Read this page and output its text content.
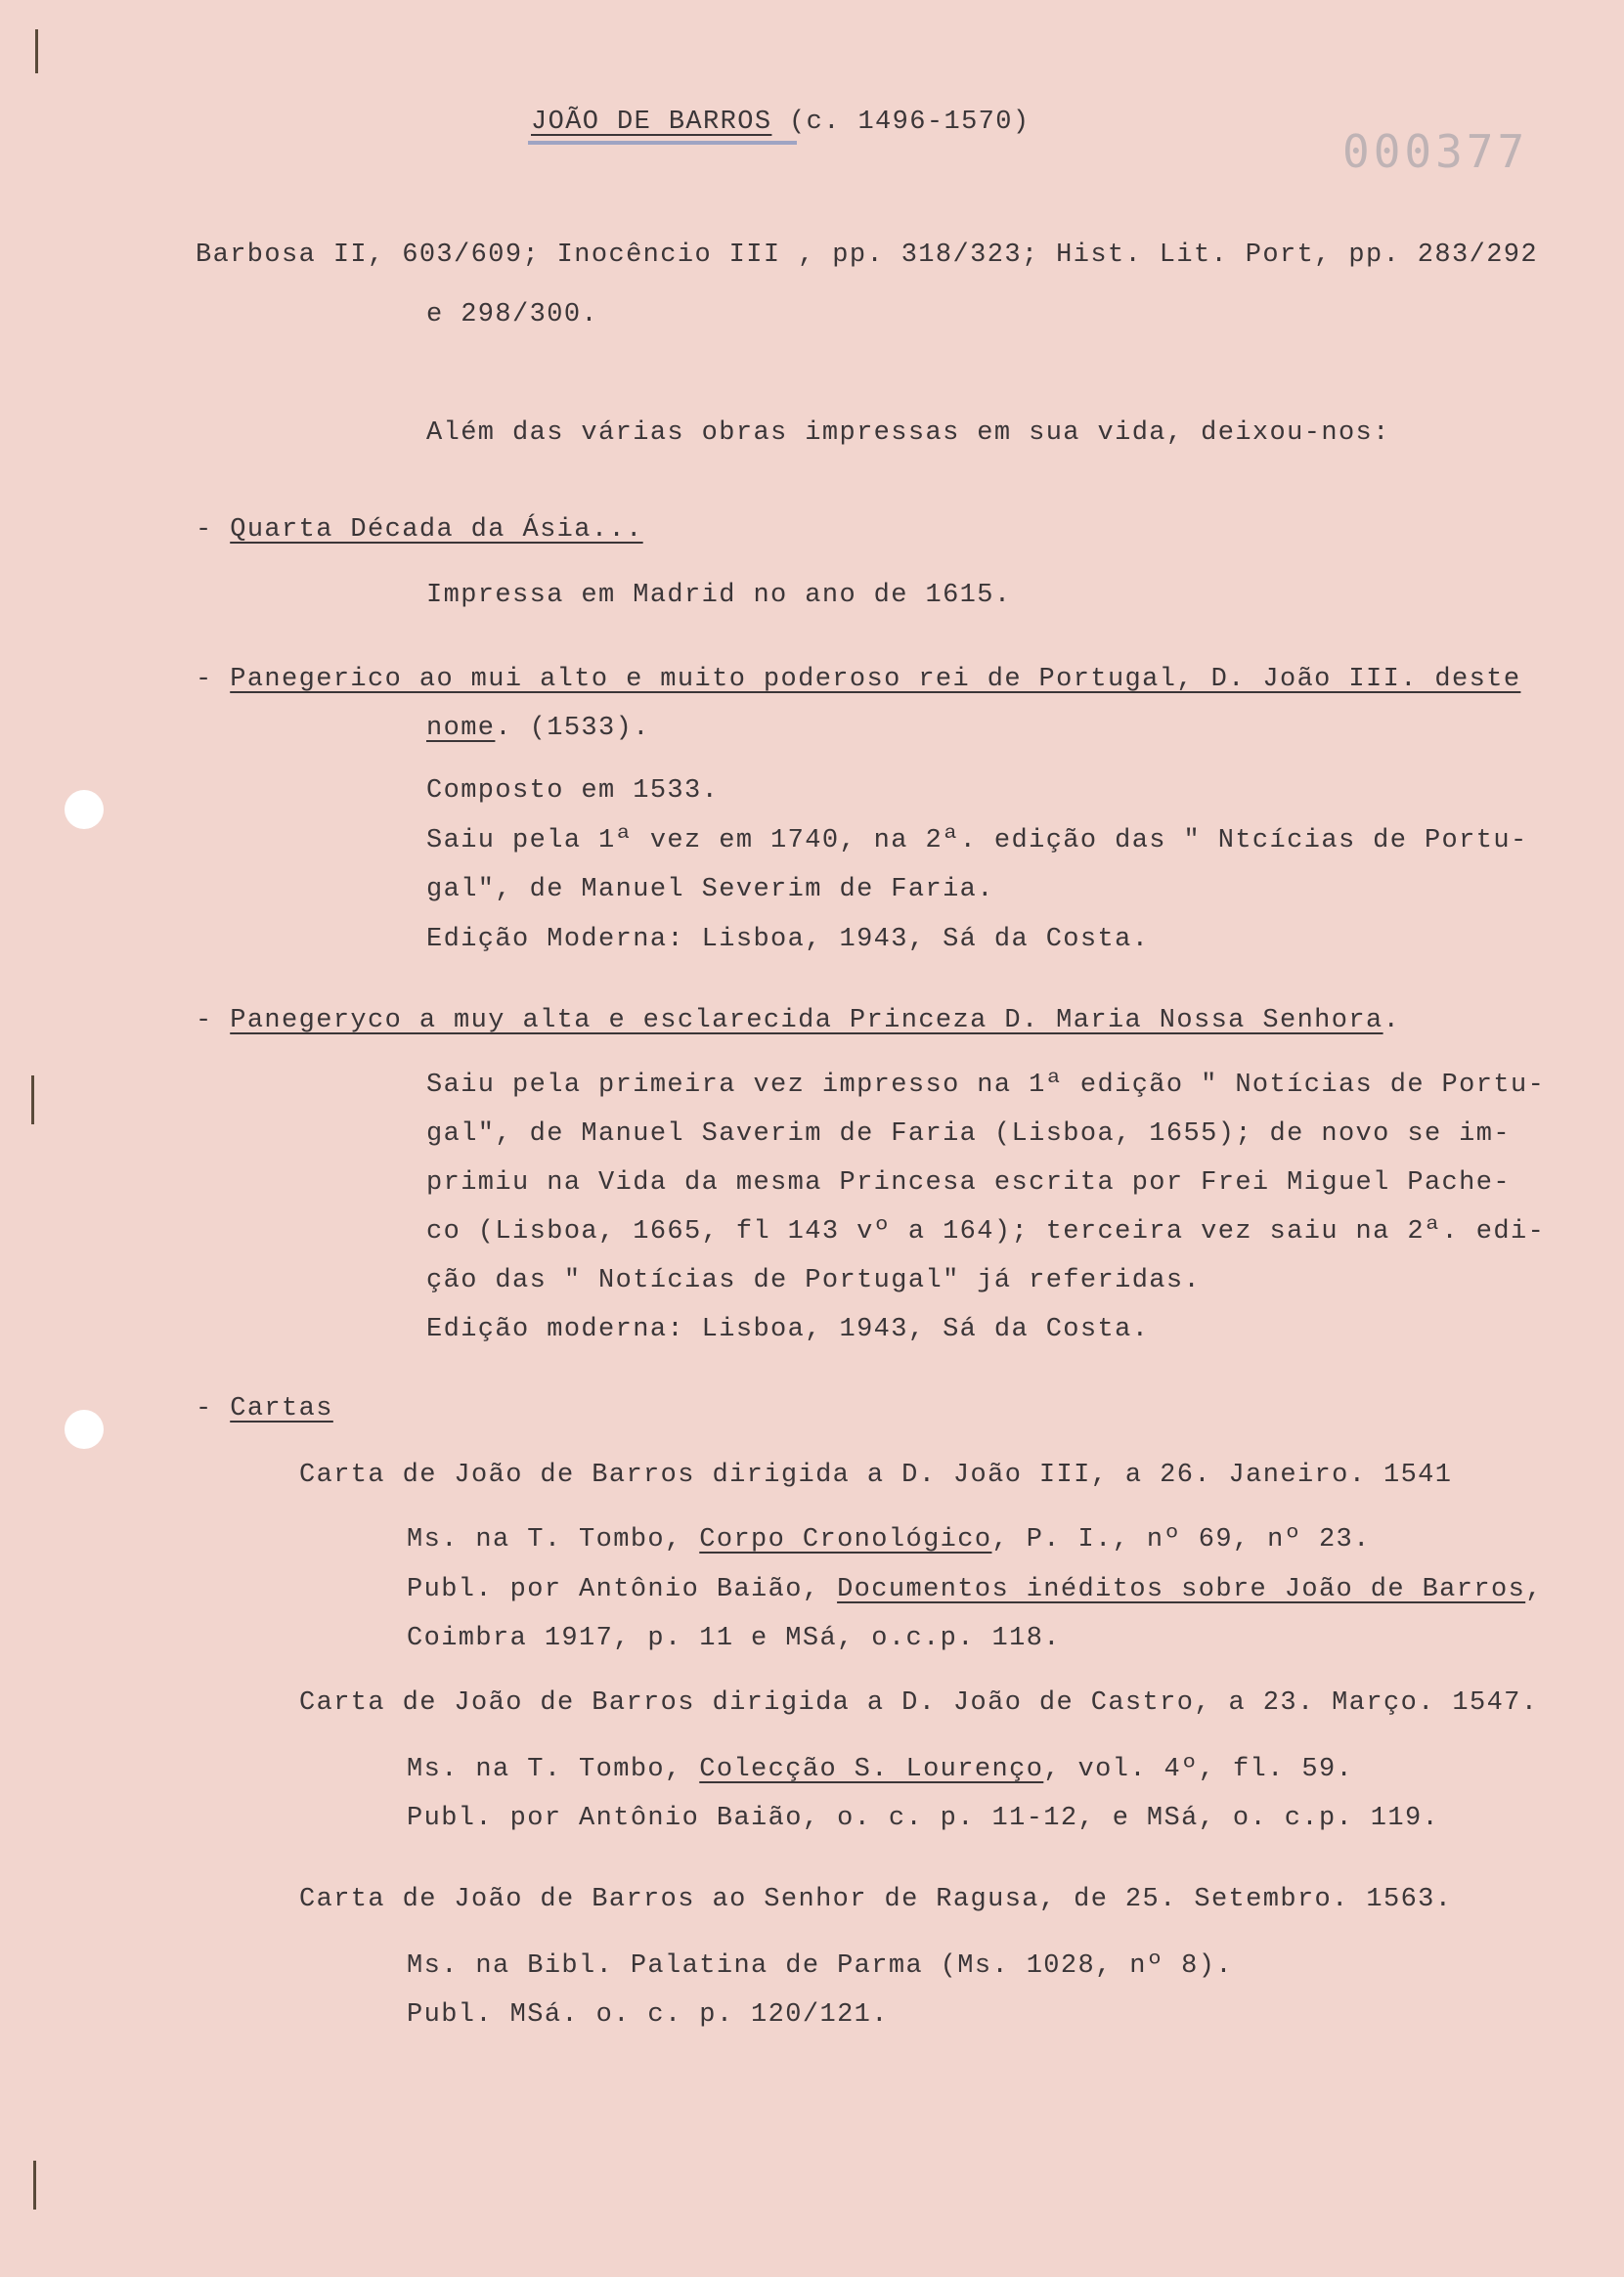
JOÃO DE BARROS (c. 1496-1570)
000377
Barbosa II, 603/609; Inocêncio III , pp. 318/323; Hist. Lit. Port, pp. 283/292
e 298/300.
Além das várias obras impressas em sua vida, deixou-nos:
- Quarta Década da Ásia...
Impressa em Madrid no ano de 1615.
- Panegerico ao mui alto e muito poderoso rei de Portugal, D. João III. deste
nome. (1533).
Composto em 1533.
Saiu pela 1ª vez em 1740, na 2ª. edição das " Ntcícias de Portu-
gal", de Manuel Severim de Faria.
Edição Moderna: Lisboa, 1943, Sá da Costa.
- Panegeryco a muy alta e esclarecida Princeza D. Maria Nossa Senhora.
Saiu pela primeira vez impresso na 1ª edição " Notícias de Portu-
gal", de Manuel Saverim de Faria (Lisboa, 1655); de novo se im-
primiu na Vida da mesma Princesa escrita por Frei Miguel Pache-
co (Lisboa, 1665, fl 143 vº a 164); terceira vez saiu na 2ª. edi-
ção das " Notícias de Portugal" já referidas.
Edição moderna: Lisboa, 1943, Sá da Costa.
- Cartas
Carta de João de Barros dirigida a D. João III, a 26. Janeiro. 1541
Ms. na T. Tombo, Corpo Cronológico, P. I., nº 69, nº 23.
Publ. por Antônio Baião, Documentos inéditos sobre João de Barros,
Coimbra 1917, p. 11 e MSá, o.c.p. 118.
Carta de João de Barros dirigida a D. João de Castro, a 23. Março. 1547.
Ms. na T. Tombo, Colecção S. Lourenço, vol. 4º, fl. 59.
Publ. por Antônio Baião, o. c. p. 11-12, e MSá, o. c.p. 119.
Carta de João de Barros ao Senhor de Ragusa, de 25. Setembro. 1563.
Ms. na Bibl. Palatina de Parma (Ms. 1028, nº 8).
Publ. MSá. o. c. p. 120/121.
